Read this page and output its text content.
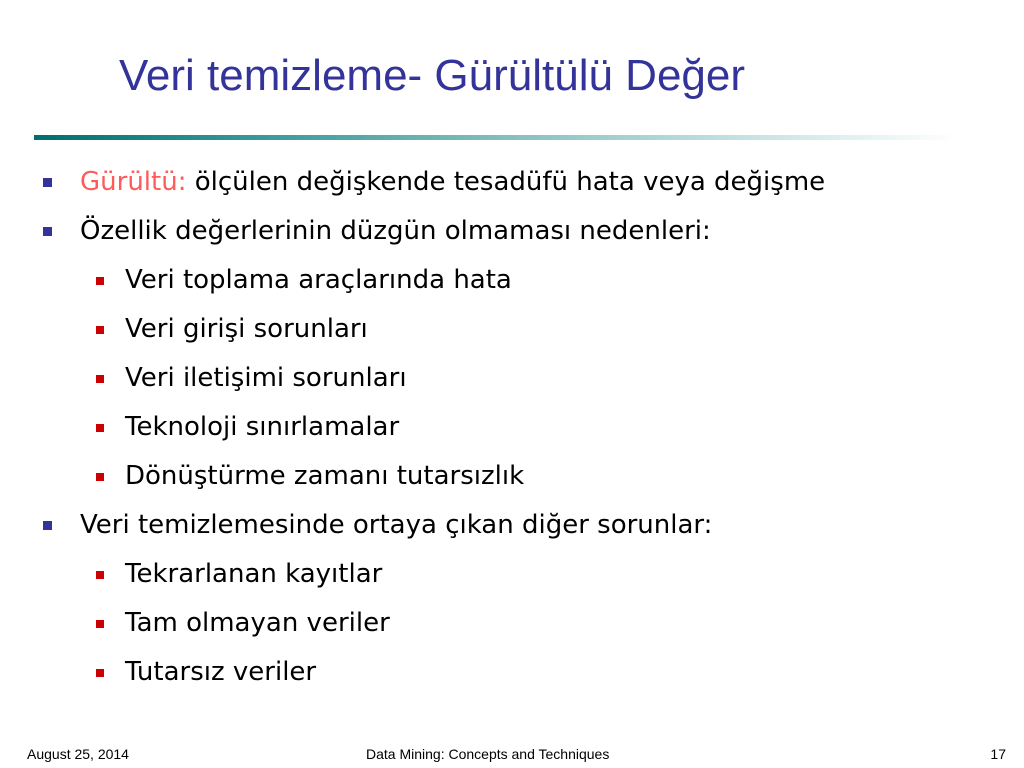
Veri temizleme- Gürültülü Değer
Gürültü: ölçülen değişkende tesadüfü hata veya değişme
Özellik değerlerinin düzgün olmaması nedenleri:
Veri toplama araçlarında hata
Veri girişi sorunları
Veri iletişimi sorunları
Teknoloji sınırlamalar
Dönüştürme zamanı tutarsızlık
Veri temizlemesinde ortaya çıkan diğer sorunlar:
Tekrarlanan kayıtlar
Tam olmayan veriler
Tutarsız veriler
August 25, 2014	Data Mining: Concepts and Techniques	17
